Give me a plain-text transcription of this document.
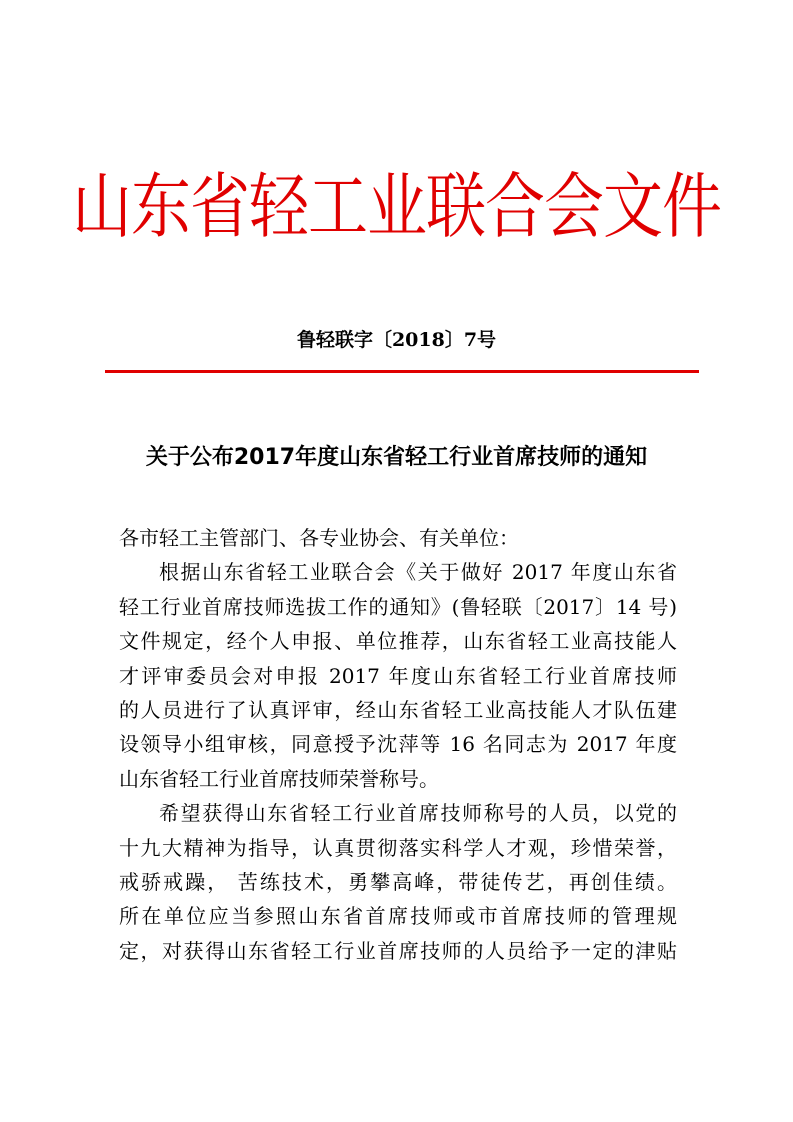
山东省轻工业联合会文件
鲁轻联字〔2018〕7号
关于公布2017年度山东省轻工行业首席技师的通知
各市轻工主管部门、各专业协会、有关单位：
根据山东省轻工业联合会《关于做好 2017 年度山东省
轻工行业首席技师选拔工作的通知》(鲁轻联〔2017〕14 号)
文件规定，经个人申报、单位推荐，山东省轻工业高技能人
才评审委员会对申报 2017 年度山东省轻工行业首席技师
的人员进行了认真评审，经山东省轻工业高技能人才队伍建
设领导小组审核，同意授予沈萍等 16 名同志为 2017 年度
山东省轻工行业首席技师荣誉称号。
希望获得山东省轻工行业首席技师称号的人员，以党的
十九大精神为指导，认真贯彻落实科学人才观，珍惜荣誉，
戒骄戒躁， 苦练技术，勇攀高峰，带徒传艺，再创佳绩。
所在单位应当参照山东省首席技师或市首席技师的管理规
定，对获得山东省轻工行业首席技师的人员给予一定的津贴
